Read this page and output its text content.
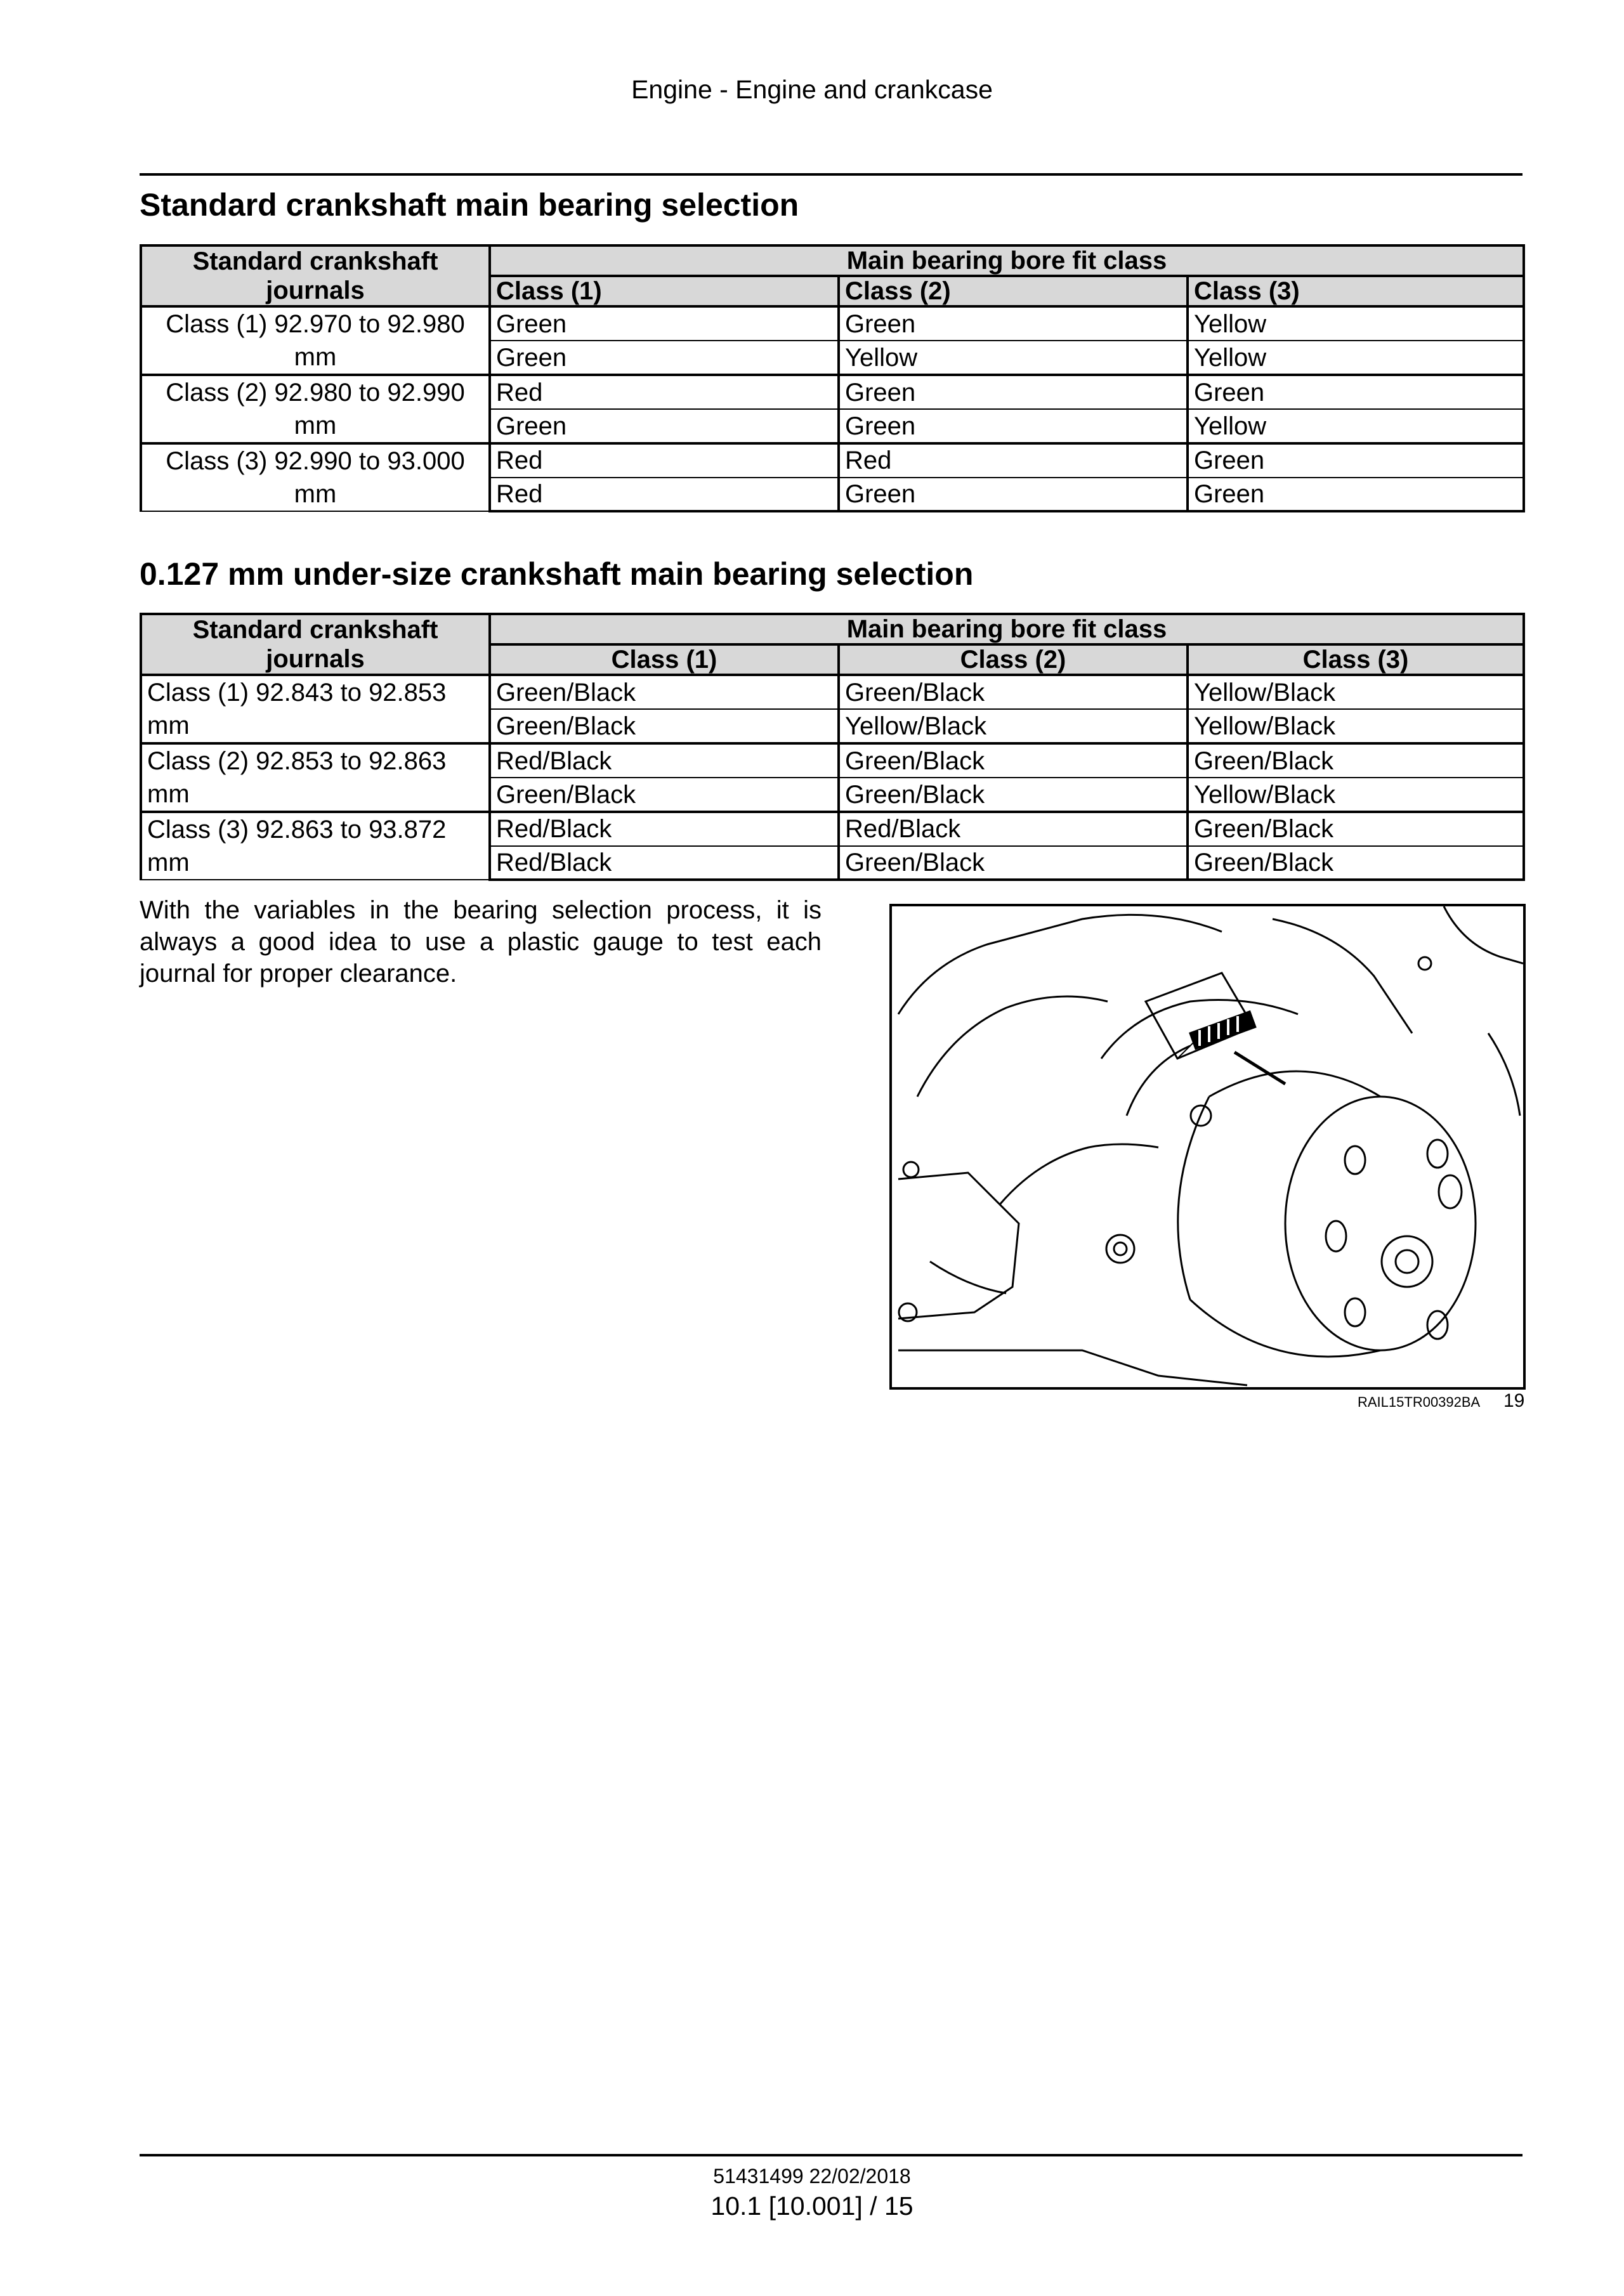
Engine - Engine and crankcase
Standard crankshaft main bearing selection
Standard crankshaft	Main bearing bore fit class		
journals	Class (1)	Class (2)	Class (3)
Class (1) 92.970 to 92.980
mm	Green	Green	Yellow
	Green	Yellow	Yellow
Class (2) 92.980 to 92.990
mm	Red	Green	Green
	Green	Green	Yellow
Class (3) 92.990 to 93.000
mm	Red	Red	Green
	Red	Green	Green
0.127 mm under-size crankshaft main bearing selection
Standard crankshaft	Main bearing bore fit class		
journals	Class (1)	Class (2)	Class (3)
Class (1) 92.843 to 92.853
mm	Green/Black	Green/Black	Yellow/Black
	Green/Black	Yellow/Black	Yellow/Black
Class (2) 92.853 to 92.863
mm	Red/Black	Green/Black	Green/Black
	Green/Black	Green/Black	Yellow/Black
Class (3) 92.863 to 93.872
mm	Red/Black	Red/Black	Green/Black
	Red/Black	Green/Black	Green/Black
With the variables in the bearing selection process, it is always a good idea to use a plastic gauge to test each journal for proper clearance.
RAIL15TR00392BA 19
51431499 22/02/2018
10.1 [10.001] / 15
